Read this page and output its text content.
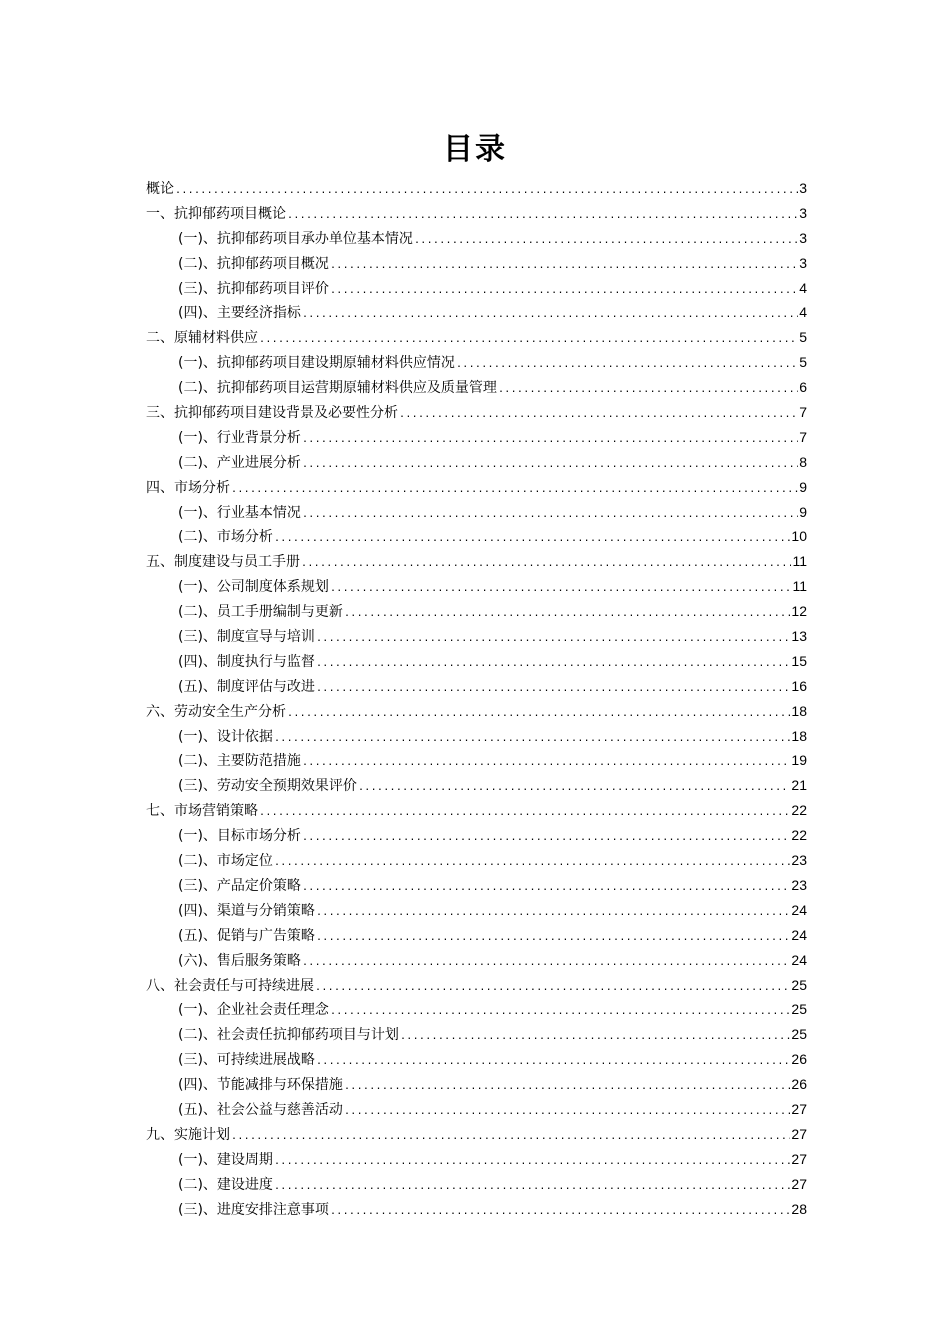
目录
概论 .....	3
一、抗抑郁药项目概论 .....	3
(一)、抗抑郁药项目承办单位基本情况 .....	3
(二)、抗抑郁药项目概况 .....	3
(三)、抗抑郁药项目评价 .....	4
(四)、主要经济指标 .....	4
二、原辅材料供应 .....	5
(一)、抗抑郁药项目建设期原辅材料供应情况 .....	5
(二)、抗抑郁药项目运营期原辅材料供应及质量管理 .....	6
三、抗抑郁药项目建设背景及必要性分析 .....	7
(一)、行业背景分析 .....	7
(二)、产业进展分析 .....	8
四、市场分析 .....	9
(一)、行业基本情况 .....	9
(二)、市场分析 .....	10
五、制度建设与员工手册 .....	11
(一)、公司制度体系规划 .....	11
(二)、员工手册编制与更新 .....	12
(三)、制度宣导与培训 .....	13
(四)、制度执行与监督 .....	15
(五)、制度评估与改进 .....	16
六、劳动安全生产分析 .....	18
(一)、设计依据 .....	18
(二)、主要防范措施 .....	19
(三)、劳动安全预期效果评价 .....	21
七、市场营销策略 .....	22
(一)、目标市场分析 .....	22
(二)、市场定位 .....	23
(三)、产品定价策略 .....	23
(四)、渠道与分销策略 .....	24
(五)、促销与广告策略 .....	24
(六)、售后服务策略 .....	24
八、社会责任与可持续进展 .....	25
(一)、企业社会责任理念 .....	25
(二)、社会责任抗抑郁药项目与计划 .....	25
(三)、可持续进展战略 .....	26
(四)、节能减排与环保措施 .....	26
(五)、社会公益与慈善活动 .....	27
九、实施计划 .....	27
(一)、建设周期 .....	27
(二)、建设进度 .....	27
(三)、进度安排注意事项 .....	28
